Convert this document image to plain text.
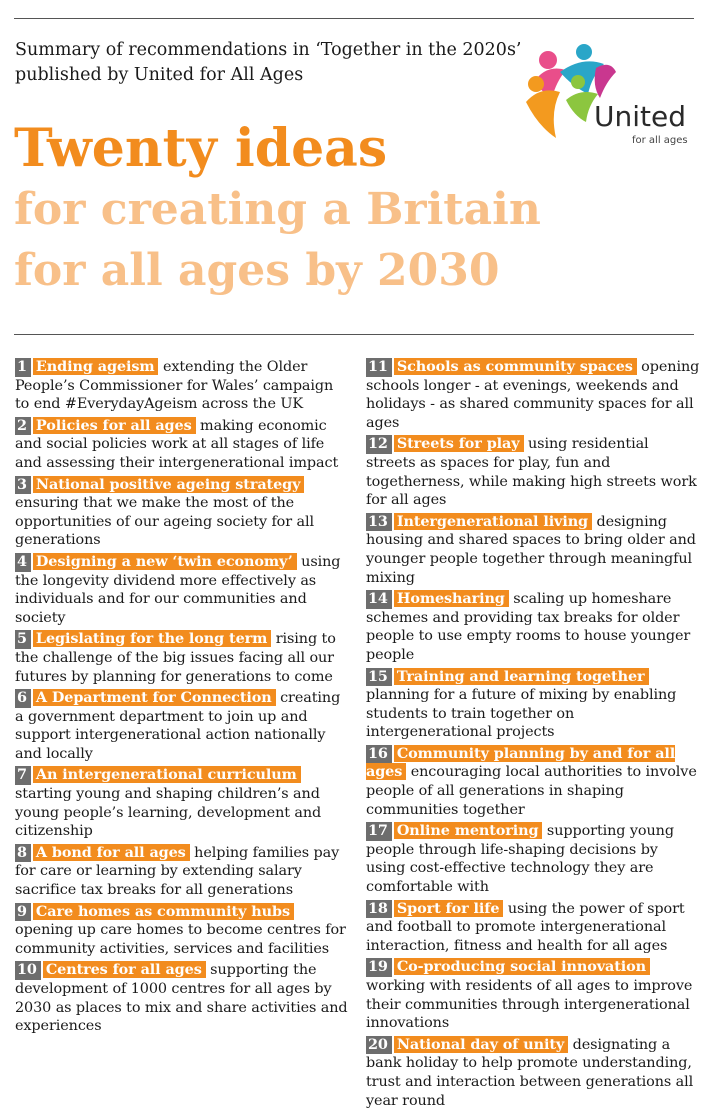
Summary of recommendations in ‘Together in the 2020s’
published by United for All Ages
United
for all ages
Twenty ideas
for creating a Britain
for all ages by 2030
1 Ending ageism extending the Older People’s Commissioner for Wales’ campaign to end #EverydayAgeism across the UK
2 Policies for all ages making economic and social policies work at all stages of life and assessing their intergenerational impact
3 National positive ageing strategy ensuring that we make the most of the opportunities of our ageing society for all generations
4 Designing a new ‘twin economy’ using the longevity dividend more effectively as individuals and for our communities and society
5 Legislating for the long term rising to the challenge of the big issues facing all our futures by planning for generations to come
6 A Department for Connection creating a government department to join up and support intergenerational action nationally and locally
7 An intergenerational curriculum starting young and shaping children’s and young people’s learning, development and citizenship
8 A bond for all ages helping families pay for care or learning by extending salary sacrifice tax breaks for all generations
9 Care homes as community hubs opening up care homes to become centres for community activities, services and facilities
10 Centres for all ages supporting the development of 1000 centres for all ages by 2030 as places to mix and share activities and experiences
11 Schools as community spaces opening schools longer - at evenings, weekends and holidays - as shared community spaces for all ages
12 Streets for play using residential streets as spaces for play, fun and togetherness, while making high streets work for all ages
13 Intergenerational living designing housing and shared spaces to bring older and younger people together through meaningful mixing
14 Homesharing scaling up homeshare schemes and providing tax breaks for older people to use empty rooms to house younger people
15 Training and learning together planning for a future of mixing by enabling students to train together on intergenerational projects
16 Community planning by and for all ages encouraging local authorities to involve people of all generations in shaping communities together
17 Online mentoring supporting young people through life-shaping decisions by using cost-effective technology they are comfortable with
18 Sport for life using the power of sport and football to promote intergenerational interaction, fitness and health for all ages
19 Co-producing social innovation working with residents of all ages to improve their communities through intergenerational innovations
20 National day of unity designating a bank holiday to help promote understanding, trust and interaction between generations all year round
